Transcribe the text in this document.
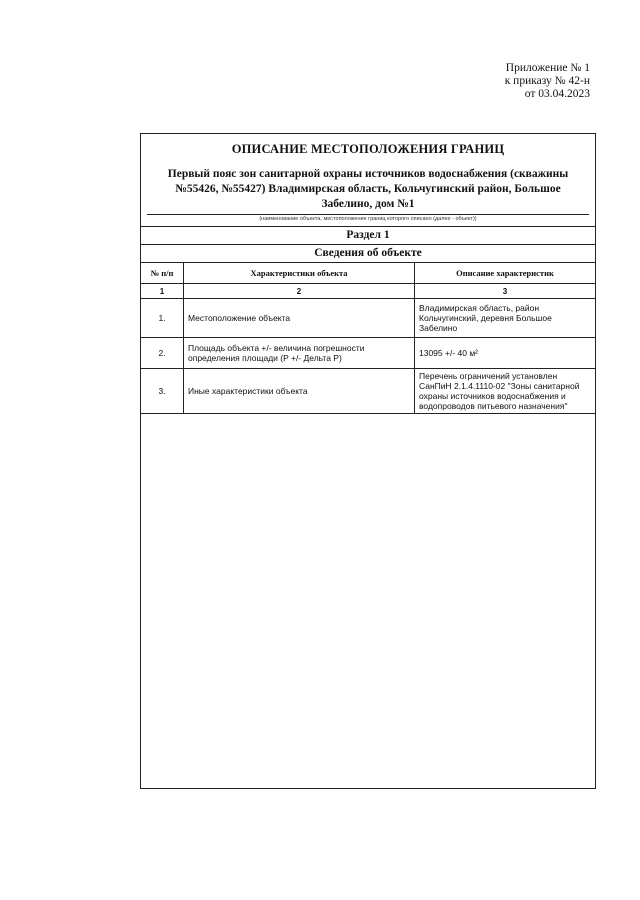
Приложение № 1
к приказу № 42-н
от 03.04.2023
ОПИСАНИЕ МЕСТОПОЛОЖЕНИЯ ГРАНИЦ
Первый пояс зон санитарной охраны источников водоснабжения (скважины №55426, №55427) Владимирская область, Кольчугинский район, Большое Забелино, дом №1
(наименование объекта, местоположение границ которого описано (далее - объект))
Раздел 1
Сведения об объекте
№ п/п	Характеристики объекта	Описание характеристик
1	2	3
1.	Местоположение объекта	Владимирская область, район Кольчугинский, деревня Большое Забелино
2.	Площадь объекта +/- величина погрешности определения площади (P +/- Дельта P)	13095 +/- 40 м²
3.	Иные характеристики объекта	Перечень ограничений установлен СанПиН 2.1.4.1110-02 "Зоны санитарной охраны источников водоснабжения и водопроводов питьевого назначения"
